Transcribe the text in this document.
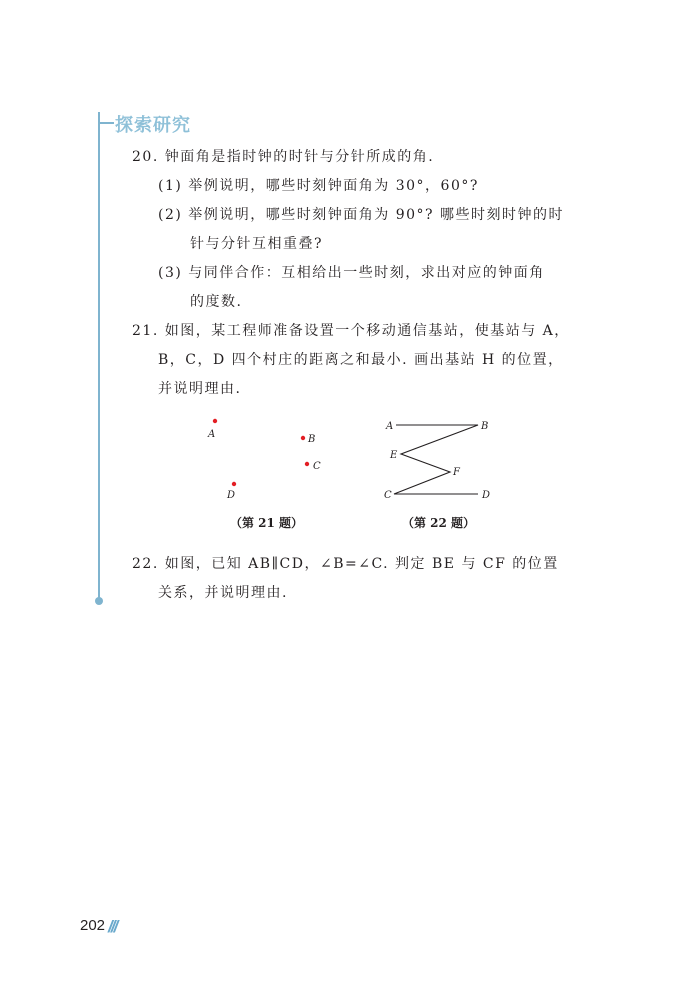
探索研究
20. 钟面角是指时钟的时针与分针所成的角.
(1) 举例说明，哪些时刻钟面角为 30°，60°?
(2) 举例说明，哪些时刻钟面角为 90°? 哪些时刻时钟的时
针与分针互相重叠?
(3) 与同伴合作：互相给出一些时刻，求出对应的钟面角
的度数.
21. 如图，某工程师准备设置一个移动通信基站，使基站与 A，
B，C，D 四个村庄的距离之和最小. 画出基站 H 的位置，
并说明理由.
A	B
C
D
（第 21 题）
A	B
E
F
C	D
（第 22 题）
22. 如图，已知 AB∥CD，∠B=∠C. 判定 BE 与 CF 的位置
关系，并说明理由.
202 ///
